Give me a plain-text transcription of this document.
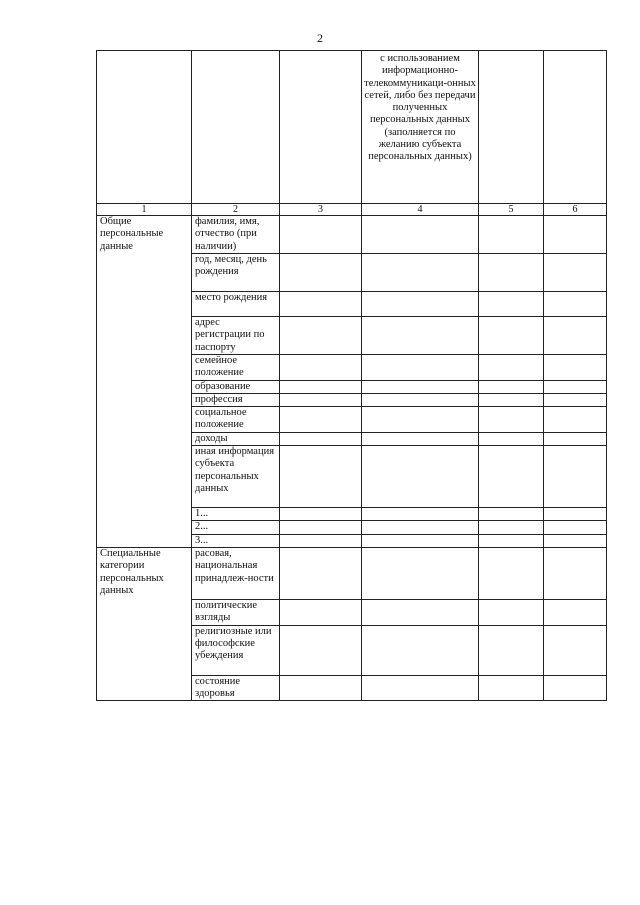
2
			с использованием информационно-телекоммуникаци-онных сетей, либо без передачи полученных персональных данных (заполняется по желанию субъекта персональных данных)		
1	2	3	4	5	6
Общие персональные данные	фамилия, имя, отчество (при наличии)				
	год, месяц, день рождения				
	место рождения				
	адрес регистрации по паспорту				
	семейное положение				
	образование				
	профессия				
	социальное положение				
	доходы				
	иная информация субъекта персональных данных				
	1...				
	2...				
	3...				
Специальные категории персональных данных	расовая, национальная принадлеж-ности				
	политические взгляды				
	религиозные или философские убеждения				
	состояние здоровья				
